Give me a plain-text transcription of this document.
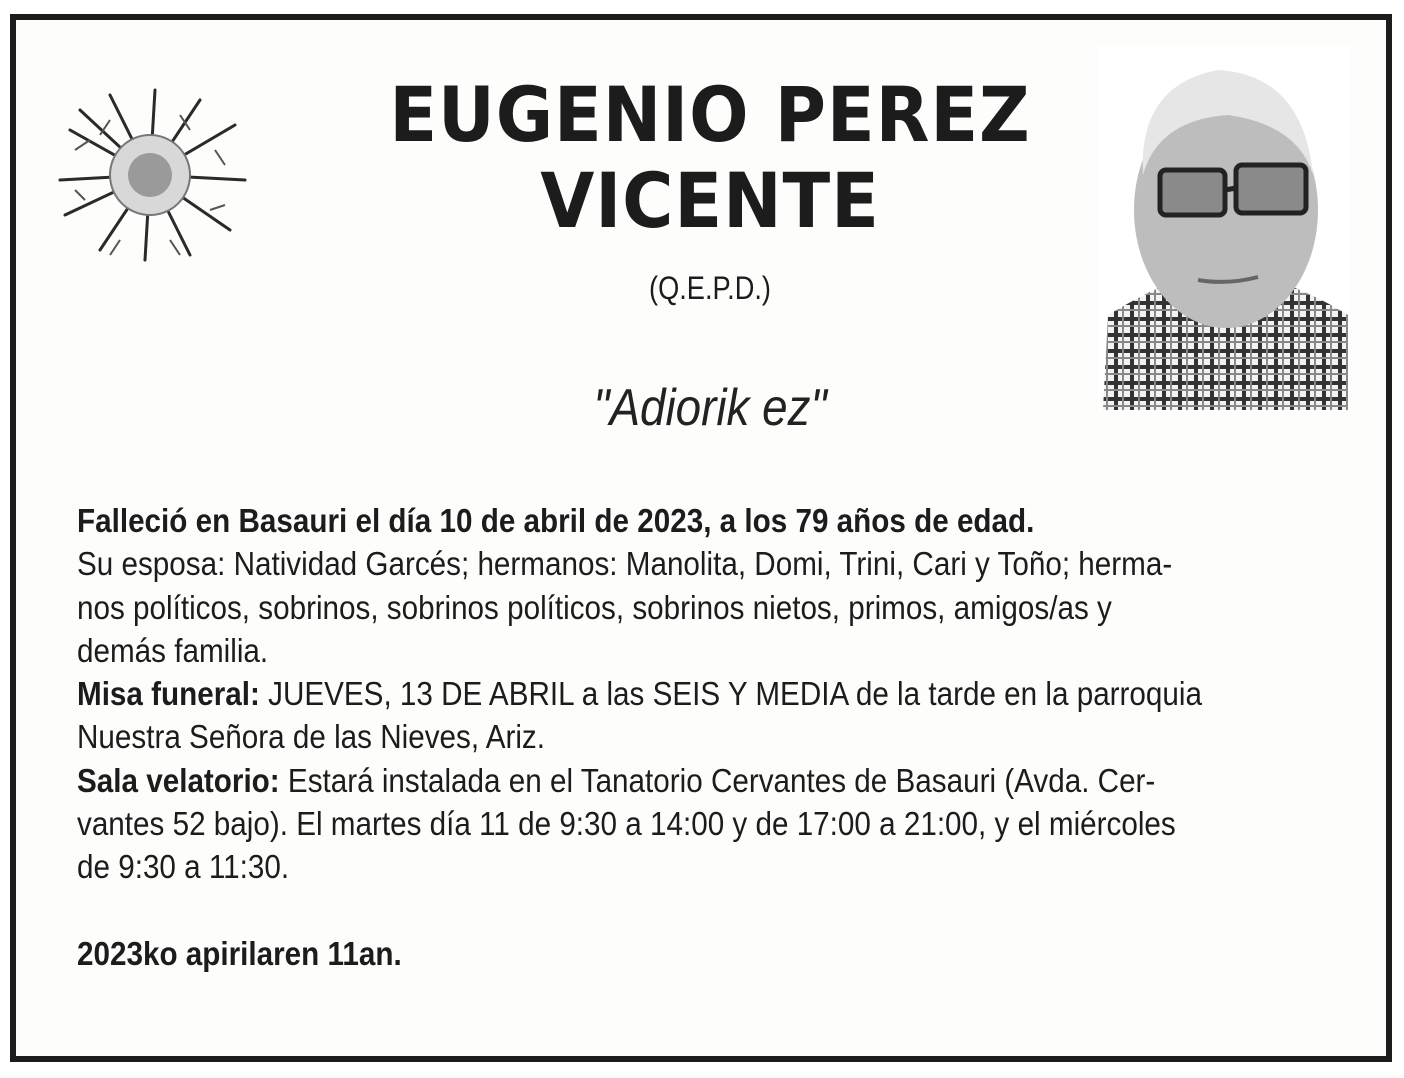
EUGENIO PEREZ
VICENTE
(Q.E.P.D.)
"Adiorik ez"

Falleció en Basauri el día 10 de abril de 2023, a los 79 años de edad.

Su esposa: Natividad Garcés; hermanos: Manolita, Domi, Trini, Cari y Toño; herma-

nos políticos, sobrinos, sobrinos políticos, sobrinos nietos, primos, amigos/as y

demás familia.

Misa funeral: JUEVES, 13 DE ABRIL a las SEIS Y MEDIA de la tarde en la parroquia

Nuestra Señora de las Nieves, Ariz.

Sala velatorio: Estará instalada en el Tanatorio Cervantes de Basauri (Avda. Cer-

vantes 52 bajo). El martes día 11 de 9:30 a 14:00 y de 17:00 a 21:00, y el miércoles

de 9:30 a 11:30.

2023ko apirilaren 11an.
